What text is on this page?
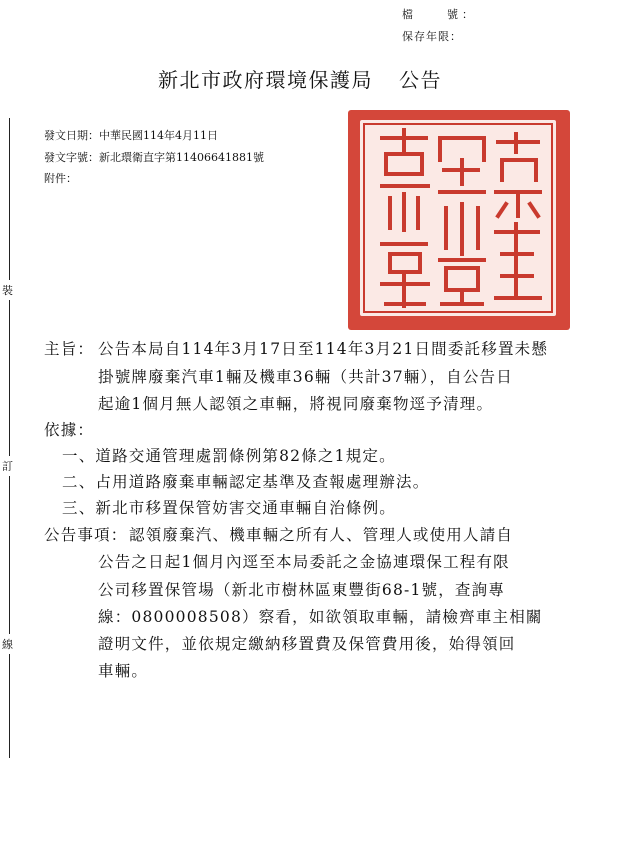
檔　　號：
保存年限：
裝
訂
線
新北市政府環境保護局 公告
發文日期：中華民國114年4月11日
發文字號：新北環衛直字第11406641881號
附件：
主旨： 公告本局自114年3月17日至114年3月21日間委託移置未懸
掛號牌廢棄汽車1輛及機車36輛（共計37輛），自公告日
起逾1個月無人認領之車輛，將視同廢棄物逕予清理。
依據：
一、道路交通管理處罰條例第82條之1規定。
二、占用道路廢棄車輛認定基準及查報處理辦法。
三、新北市移置保管妨害交通車輛自治條例。
公告事項： 認領廢棄汽、機車輛之所有人、管理人或使用人請自
公告之日起1個月內逕至本局委託之金協連環保工程有限
公司移置保管場（新北市樹林區東豐街68-1號，查詢專
線：0800008508）察看，如欲領取車輛，請檢齊車主相關
證明文件，並依規定繳納移置費及保管費用後，始得領回
車輛。
